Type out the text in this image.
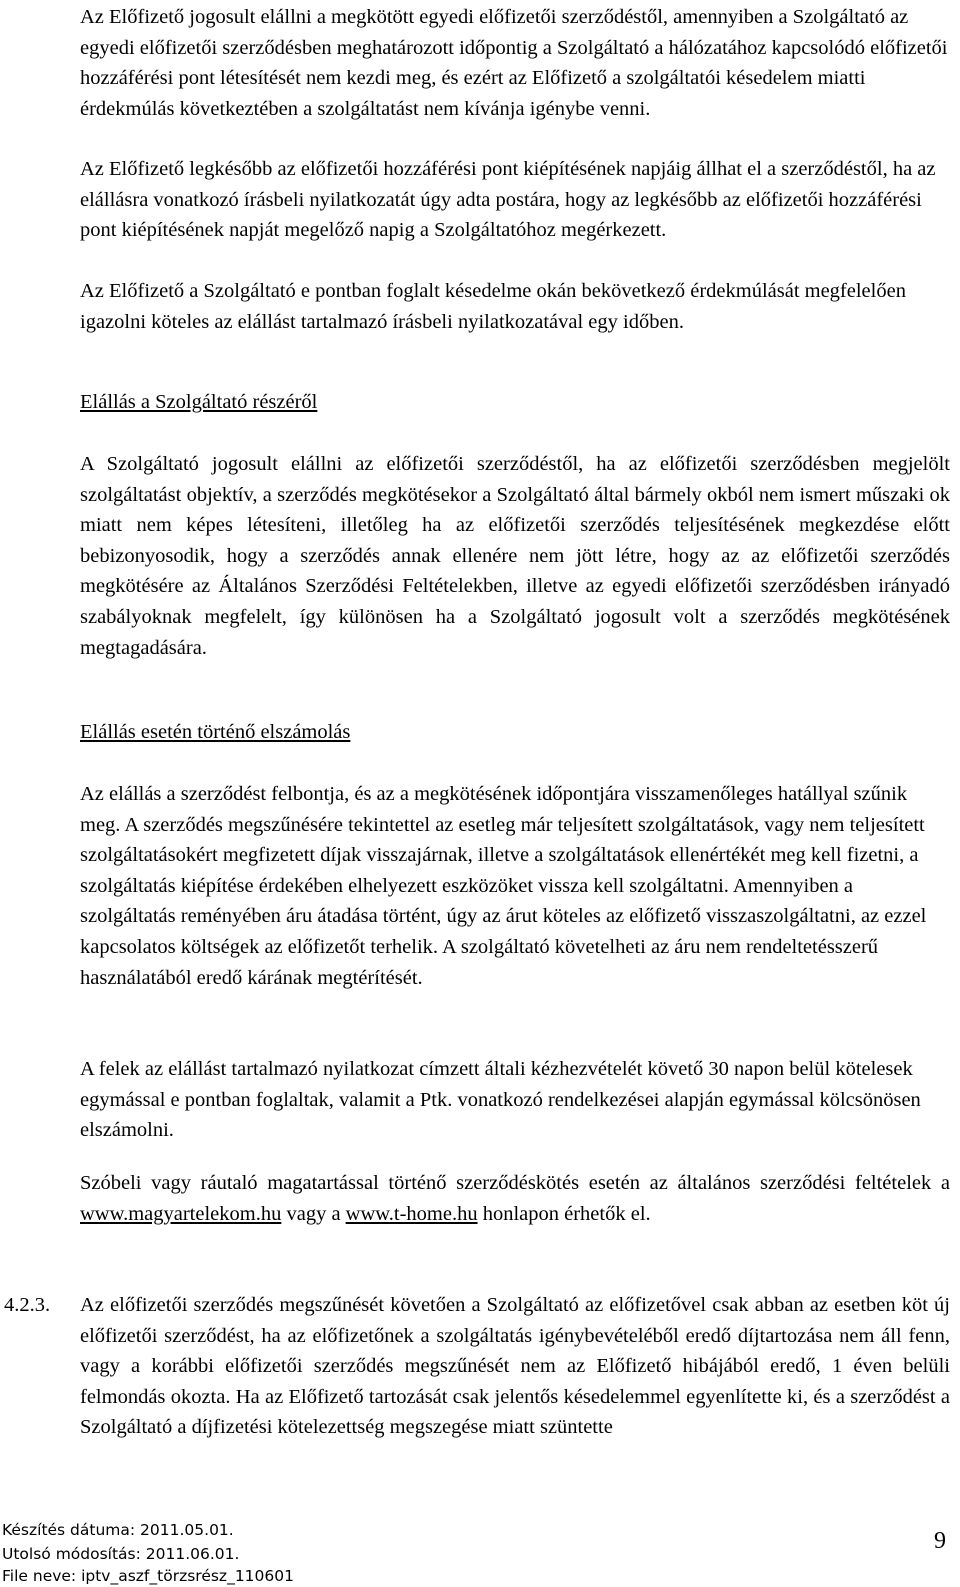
Az Előfizető jogosult elállni a megkötött egyedi előfizetői szerződéstől, amennyiben a Szolgáltató az egyedi előfizetői szerződésben meghatározott időpontig a Szolgáltató a hálózatához kapcsolódó előfizetői hozzáférési pont létesítését nem kezdi meg, és ezért az Előfizető a szolgáltatói késedelem miatti érdekmúlás következtében a szolgáltatást nem kívánja igénybe venni.

Az Előfizető legkésőbb az előfizetői hozzáférési pont kiépítésének napjáig állhat el a szerződéstől, ha az elállásra vonatkozó írásbeli nyilatkozatát úgy adta postára, hogy az legkésőbb az előfizetői hozzáférési pont kiépítésének napját megelőző napig a Szolgáltatóhoz megérkezett.

Az Előfizető a Szolgáltató e pontban foglalt késedelme okán bekövetkező érdekmúlását megfelelően igazolni köteles az elállást tartalmazó írásbeli nyilatkozatával egy időben.

Elállás a Szolgáltató részéről

A Szolgáltató jogosult elállni az előfizetői szerződéstől, ha az előfizetői szerződésben megjelölt szolgáltatást objektív, a szerződés megkötésekor a Szolgáltató által bármely okból nem ismert műszaki ok miatt nem képes létesíteni, illetőleg ha az előfizetői szerződés teljesítésének megkezdése előtt bebizonyosodik, hogy a szerződés annak ellenére nem jött létre, hogy az az előfizetői szerződés megkötésére az Általános Szerződési Feltételekben, illetve az egyedi előfizetői szerződésben irányadó szabályoknak megfelelt, így különösen ha a Szolgáltató jogosult volt a szerződés megkötésének megtagadására.

Elállás esetén történő elszámolás

Az elállás a szerződést felbontja, és az a megkötésének időpontjára visszamenőleges hatállyal szűnik meg. A szerződés megszűnésére tekintettel az esetleg már teljesített szolgáltatások, vagy nem teljesített szolgáltatásokért megfizetett díjak visszajárnak, illetve a szolgáltatások ellenértékét meg kell fizetni, a szolgáltatás kiépítése érdekében elhelyezett eszközöket vissza kell szolgáltatni. Amennyiben a szolgáltatás reményében áru átadása történt, úgy az árut köteles az előfizető visszaszolgáltatni, az ezzel kapcsolatos költségek az előfizetőt terhelik. A szolgáltató követelheti az áru nem rendeltetésszerű használatából eredő kárának megtérítését.

A felek az elállást tartalmazó nyilatkozat címzett általi kézhezvételét követő 30 napon belül kötelesek egymással e pontban foglaltak, valamit a Ptk. vonatkozó rendelkezései alapján egymással kölcsönösen elszámolni.

Szóbeli vagy ráutaló magatartással történő szerződéskötés esetén az általános szerződési feltételek a www.magyartelekom.hu vagy a www.t-home.hu honlapon érhetők el.

4.2.3. Az előfizetői szerződés megszűnését követően a Szolgáltató az előfizetővel csak abban az esetben köt új előfizetői szerződést, ha az előfizetőnek a szolgáltatás igénybevételéből eredő díjtartozása nem áll fenn, vagy a korábbi előfizetői szerződés megszűnését nem az Előfizető hibájából eredő, 1 éven belüli felmondás okozta. Ha az Előfizető tartozását csak jelentős késedelemmel egyenlítette ki, és a szerződést a Szolgáltató a díjfizetési kötelezettség megszegése miatt szüntette

Készítés dátuma: 2011.05.01.
Utolsó módosítás: 2011.06.01.
File neve: iptv_aszf_törzsrész_110601
9
